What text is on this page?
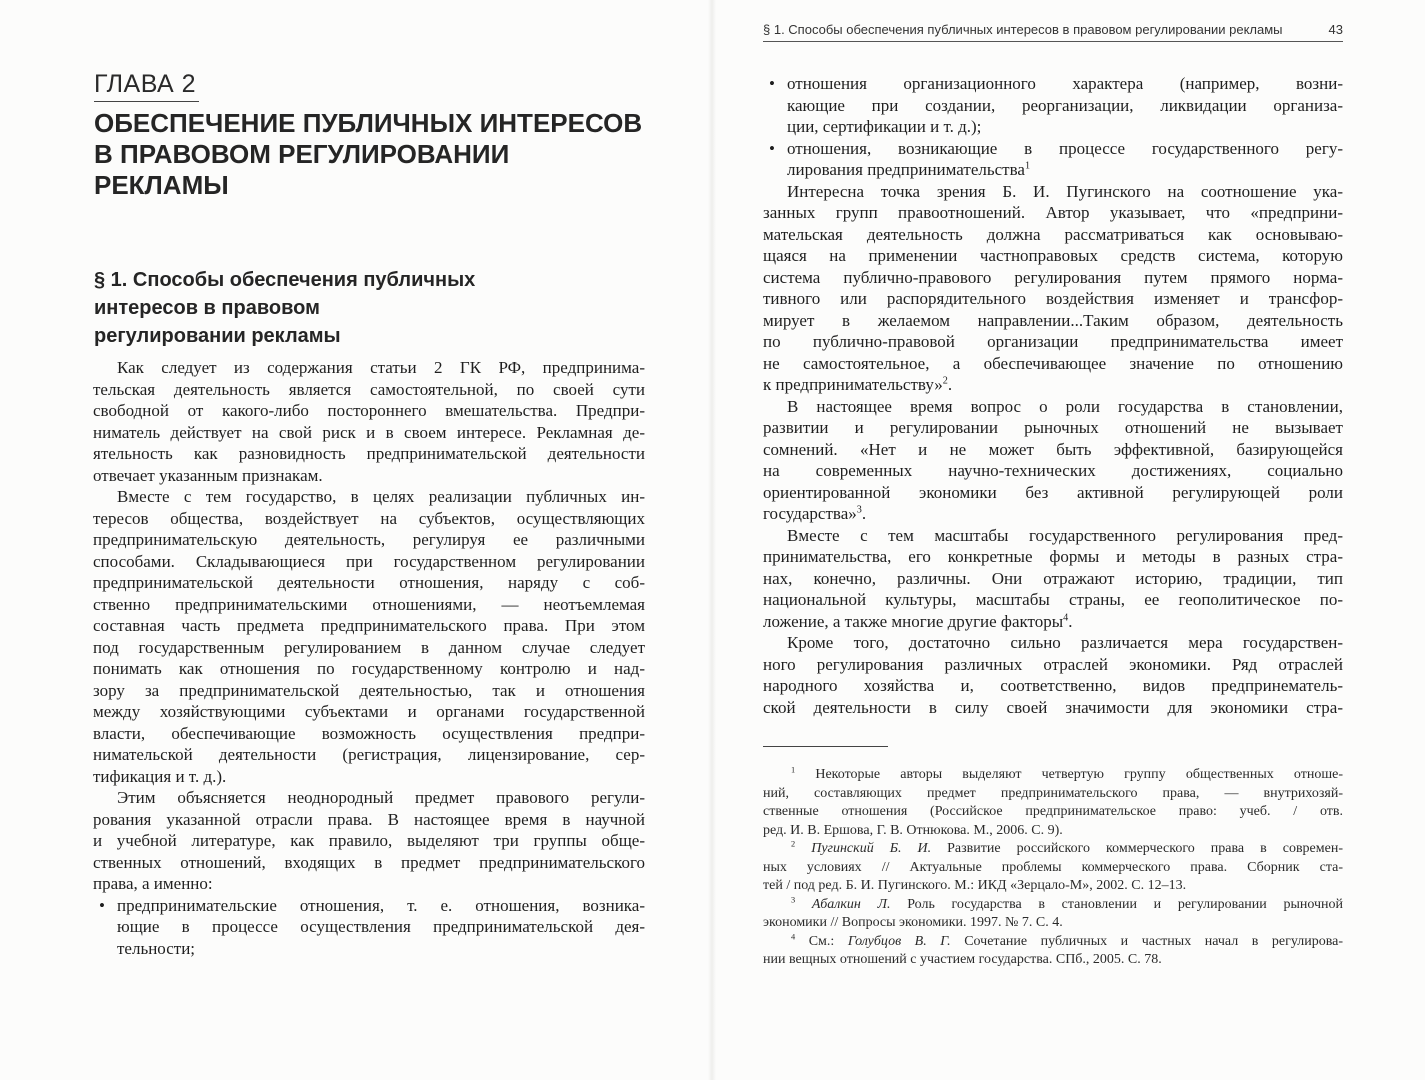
ГЛАВА 2
ОБЕСПЕЧЕНИЕ ПУБЛИЧНЫХ ИНТЕРЕСОВ
В ПРАВОВОМ РЕГУЛИРОВАНИИ
РЕКЛАМЫ
§ 1. Способы обеспечения публичных
интересов в правовом
регулировании рекламы
Как следует из содержания статьи 2 ГК РФ, предпринима-
тельская деятельность является самостоятельной, по своей сути
свободной от какого-либо постороннего вмешательства. Предпри-
ниматель действует на свой риск и в своем интересе. Рекламная де-
ятельность как разновидность предпринимательской деятельности
отвечает указанным признакам.
Вместе с тем государство, в целях реализации публичных ин-
тересов общества, воздействует на субъектов, осуществляющих
предпринимательскую деятельность, регулируя ее различными
способами. Складывающиеся при государственном регулировании
предпринимательской деятельности отношения, наряду с соб-
ственно предпринимательскими отношениями, — неотъемлемая
составная часть предмета предпринимательского права. При этом
под государственным регулированием в данном случае следует
понимать как отношения по государственному контролю и над-
зору за предпринимательской деятельностью, так и отношения
между хозяйствующими субъектами и органами государственной
власти, обеспечивающие возможность осуществления предпри-
нимательской деятельности (регистрация, лицензирование, сер-
тификация и т. д.).
Этим объясняется неоднородный предмет правового регули-
рования указанной отрасли права. В настоящее время в научной
и учебной литературе, как правило, выделяют три группы обще-
ственных отношений, входящих в предмет предпринимательского
права, а именно:
• предпринимательские отношения, т. е. отношения, возника-
ющие в процессе осуществления предпринимательской дея-
тельности;
§ 1. Способы обеспечения публичных интересов в правовом регулировании рекламы	43
• отношения организационного характера (например, возни-
кающие при создании, реорганизации, ликвидации организа-
ции, сертификации и т. д.);
• отношения, возникающие в процессе государственного регу-
лирования предпринимательства$^1$
Интересна точка зрения Б. И. Пугинского на соотношение ука-
занных групп правоотношений. Автор указывает, что «предприни-
мательская деятельность должна рассматриваться как основываю-
щаяся на применении частноправовых средств система, которую
система публично-правового регулирования путем прямого норма-
тивного или распорядительного воздействия изменяет и трансфор-
мирует в желаемом направлении...Таким образом, деятельность
по публично-правовой организации предпринимательства имеет
не самостоятельное, а обеспечивающее значение по отношению
к предпринимательству»$^2$.
В настоящее время вопрос о роли государства в становлении,
развитии и регулировании рыночных отношений не вызывает
сомнений. «Нет и не может быть эффективной, базирующейся
на современных научно-технических достижениях, социально
ориентированной экономики без активной регулирующей роли
государства»$^3$.
Вместе с тем масштабы государственного регулирования пред-
принимательства, его конкретные формы и методы в разных стра-
нах, конечно, различны. Они отражают историю, традиции, тип
национальной культуры, масштабы страны, ее геополитическое по-
ложение, а также многие другие факторы$^4$.
Кроме того, достаточно сильно различается мера государствен-
ного регулирования различных отраслей экономики. Ряд отраслей
народного хозяйства и, соответственно, видов предпринематель-
ской деятельности в силу своей значимости для экономики стра-
$^1$ Некоторые авторы выделяют четвертую группу общественных отноше-
ний, составляющих предмет предпринимательского права, — внутрихозяй-
ственные отношения (Российское предпринимательское право: учеб. / отв.
ред. И. В. Ершова, Г. В. Отнюкова. М., 2006. С. 9).
$^2$ Пугинский Б. И. Развитие российского коммерческого права в современ-
ных условиях // Актуальные проблемы коммерческого права. Сборник ста-
тей / под ред. Б. И. Пугинского. М.: ИКД «Зерцало-М», 2002. С. 12–13.
$^3$ Абалкин Л. Роль государства в становлении и регулировании рыночной
экономики // Вопросы экономики. 1997. № 7. С. 4.
$^4$ См.: Голубцов В. Г. Сочетание публичных и частных начал в регулирова-
нии вещных отношений с участием государства. СПб., 2005. С. 78.
